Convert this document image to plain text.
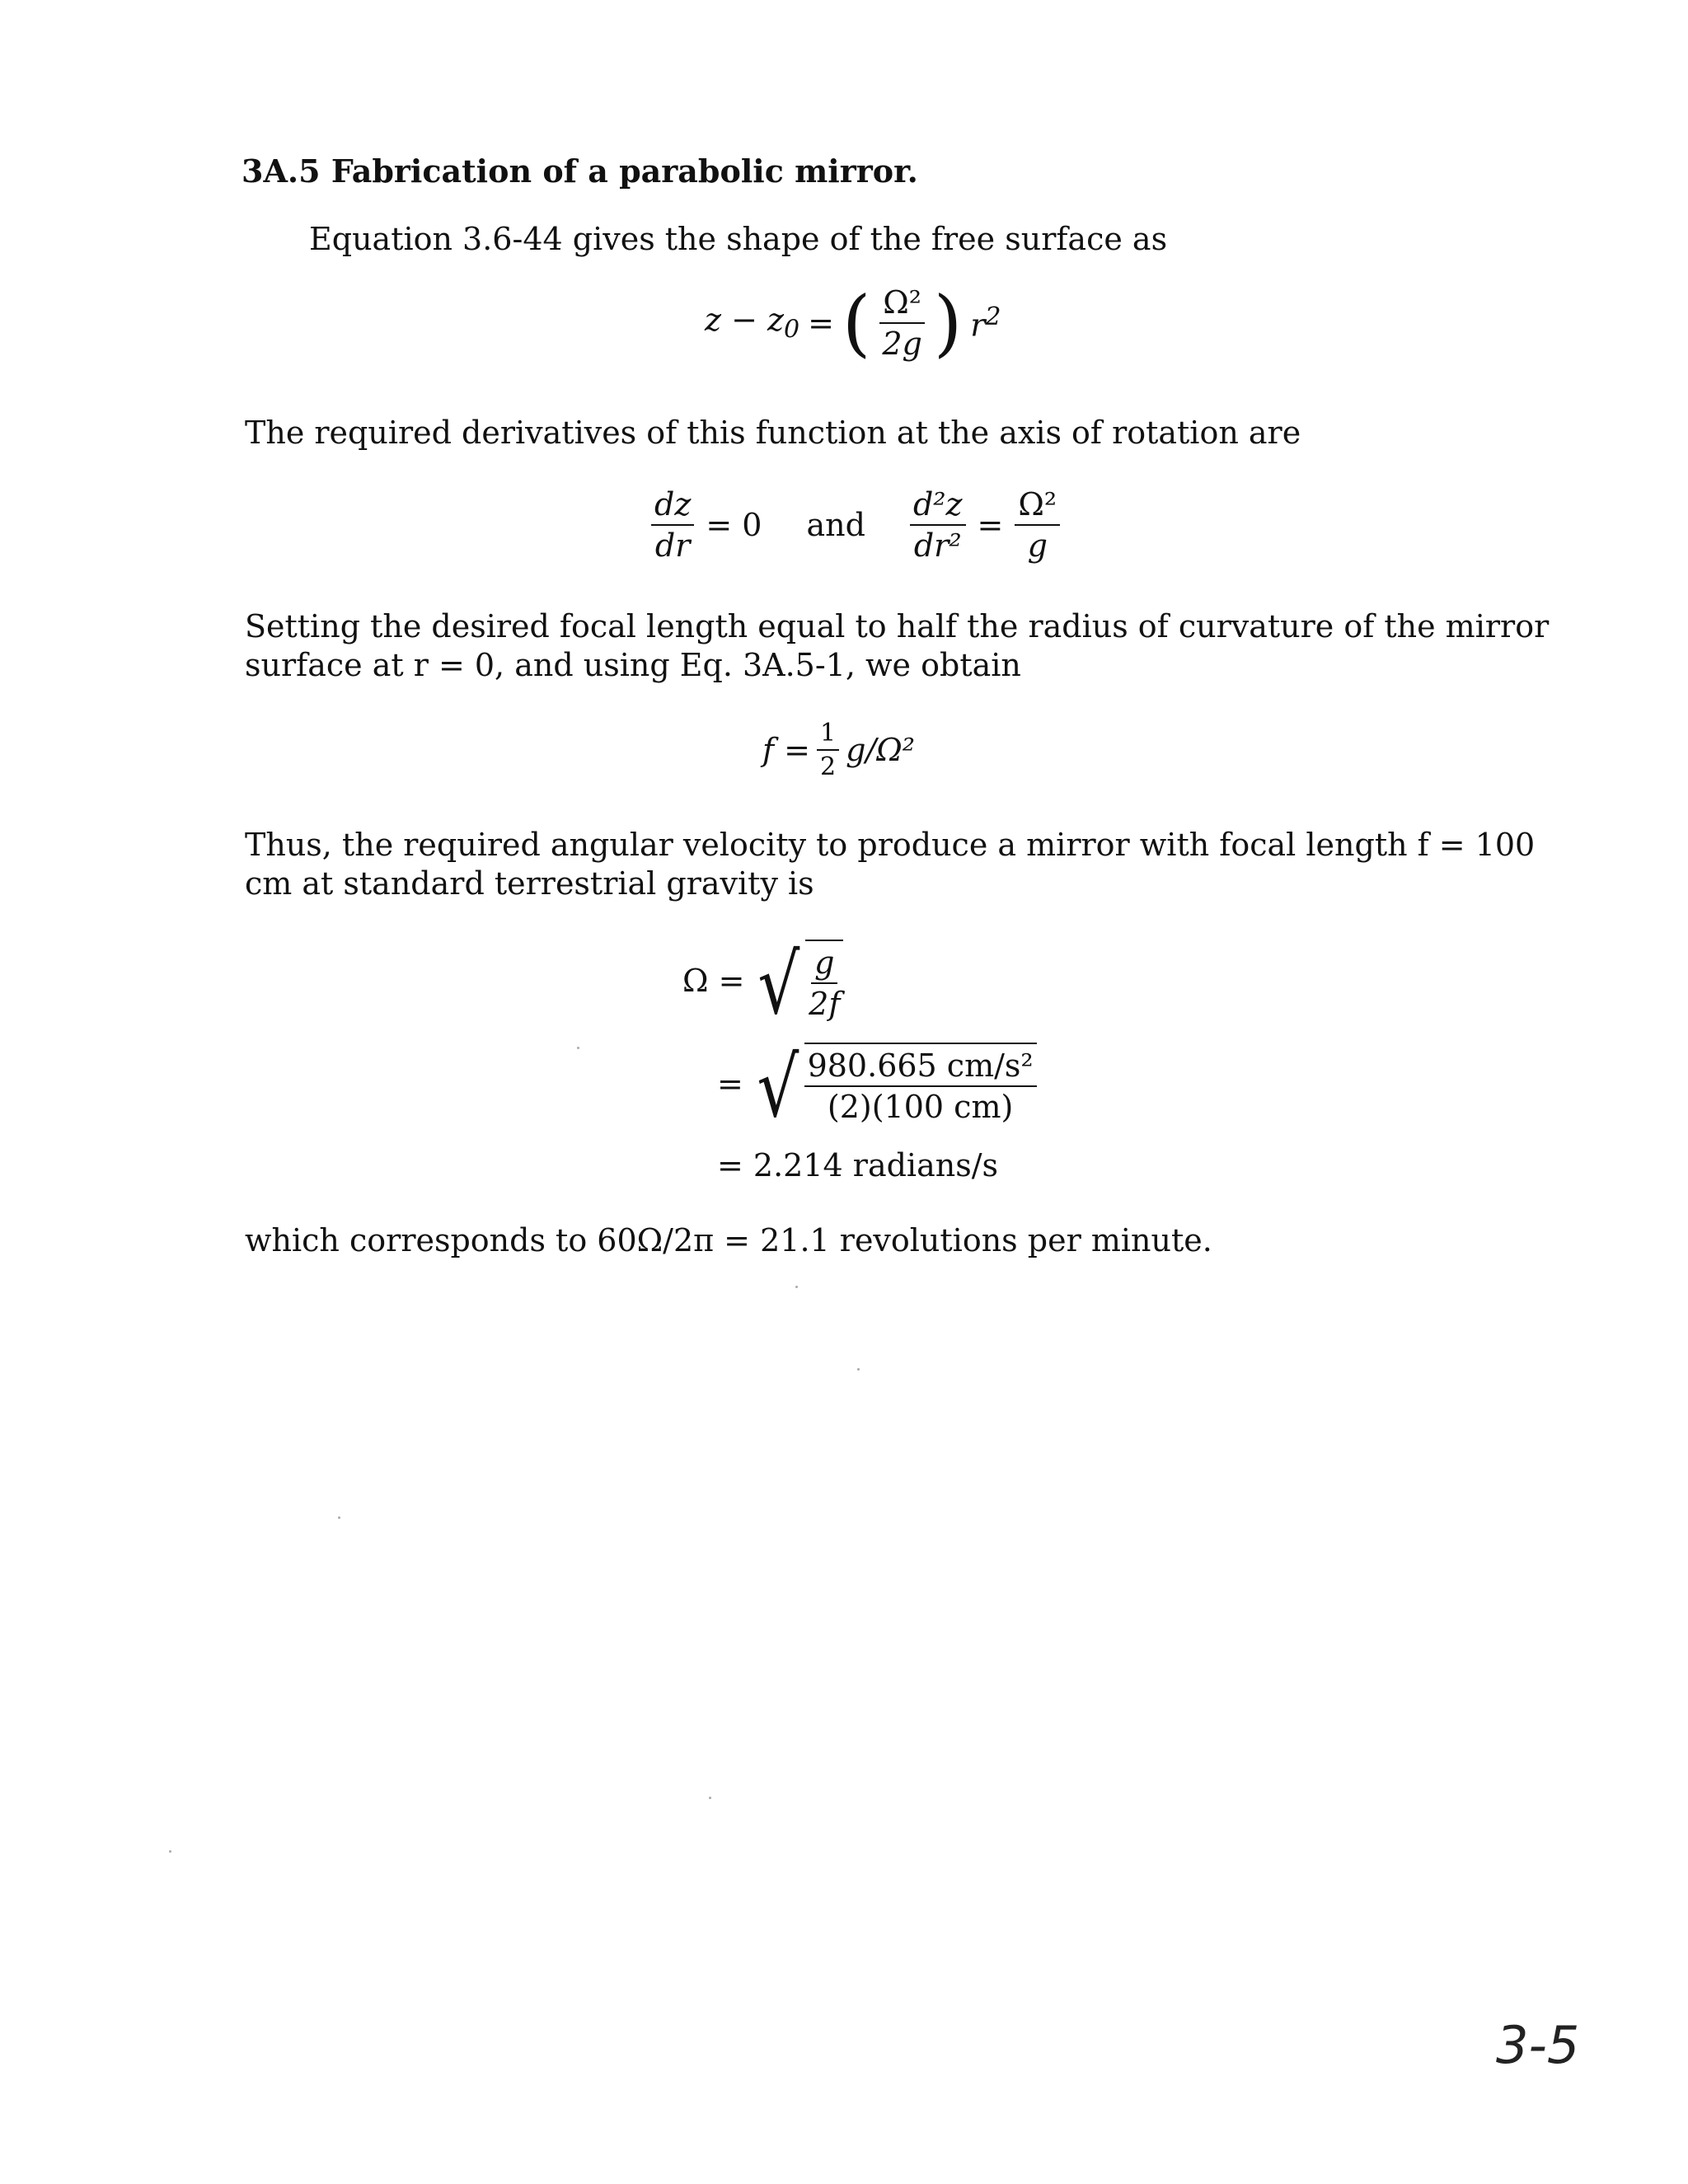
3A.5 Fabrication of a parabolic mirror.
Equation 3.6-44 gives the shape of the free surface as
$z - z_0$ = ( $\frac{\text{Ω²}}{2g}$ ) $r^2$
The required derivatives of this function at the axis of rotation are
$\frac{dz}{dr} = 0$ and $\frac{\text{d²z}}{\text{dr²}} = \frac{\text{Ω²}}{g}$
Setting the desired focal length equal to half the radius of curvature of the mirror
surface at r = 0, and using Eq. 3A.5-1, we obtain
$f = \frac{1}{2} g/\Omega^2$
Thus, the required angular velocity to produce a mirror with focal length f = 100
cm at standard terrestrial gravity is
Ω = √ $\frac{g}{2f}$
= √ $\frac{\text{980.665 cm/s²}}{(2)(100 cm)}$
= 2.214 radians/s
which corresponds to 60Ω/2π = 21.1 revolutions per minute.
3-5
